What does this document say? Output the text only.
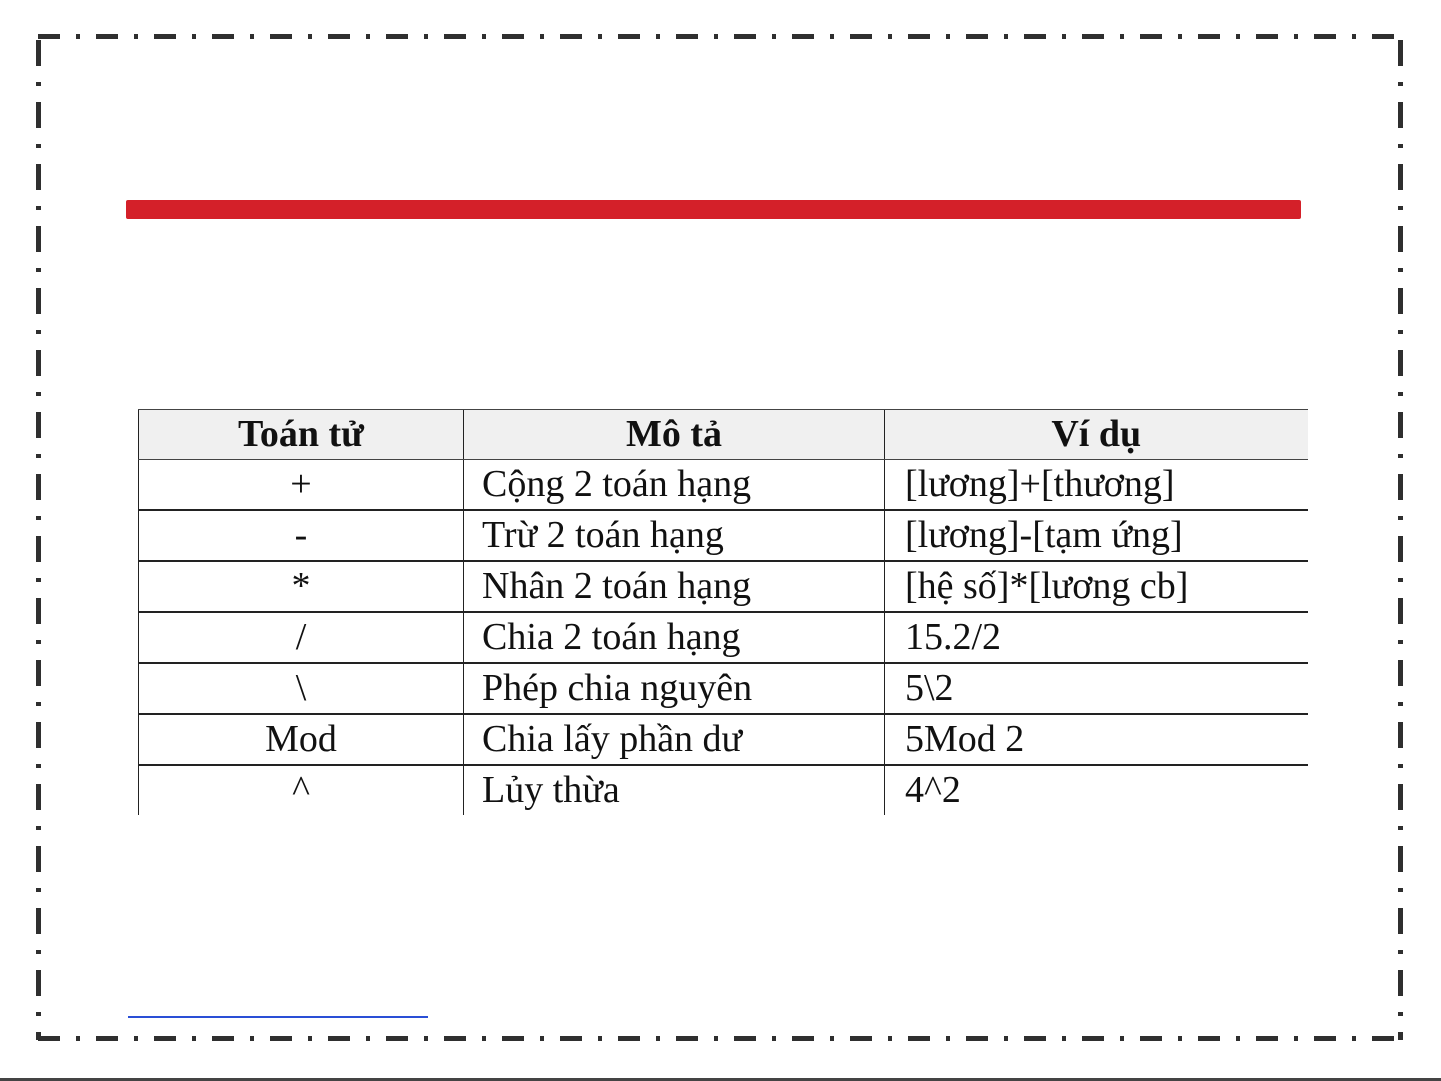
Toán tử	Mô tả	Ví dụ
+	Cộng 2 toán hạng	[lương]+[thương]
-	Trừ 2 toán hạng	[lương]-[tạm ứng]
*	Nhân 2 toán hạng	[hệ số]*[lương cb]
/	Chia 2 toán hạng	15.2/2
\	Phép chia nguyên	5\2
Mod	Chia lấy phần dư	5Mod 2
^	Lủy thừa	4^2
